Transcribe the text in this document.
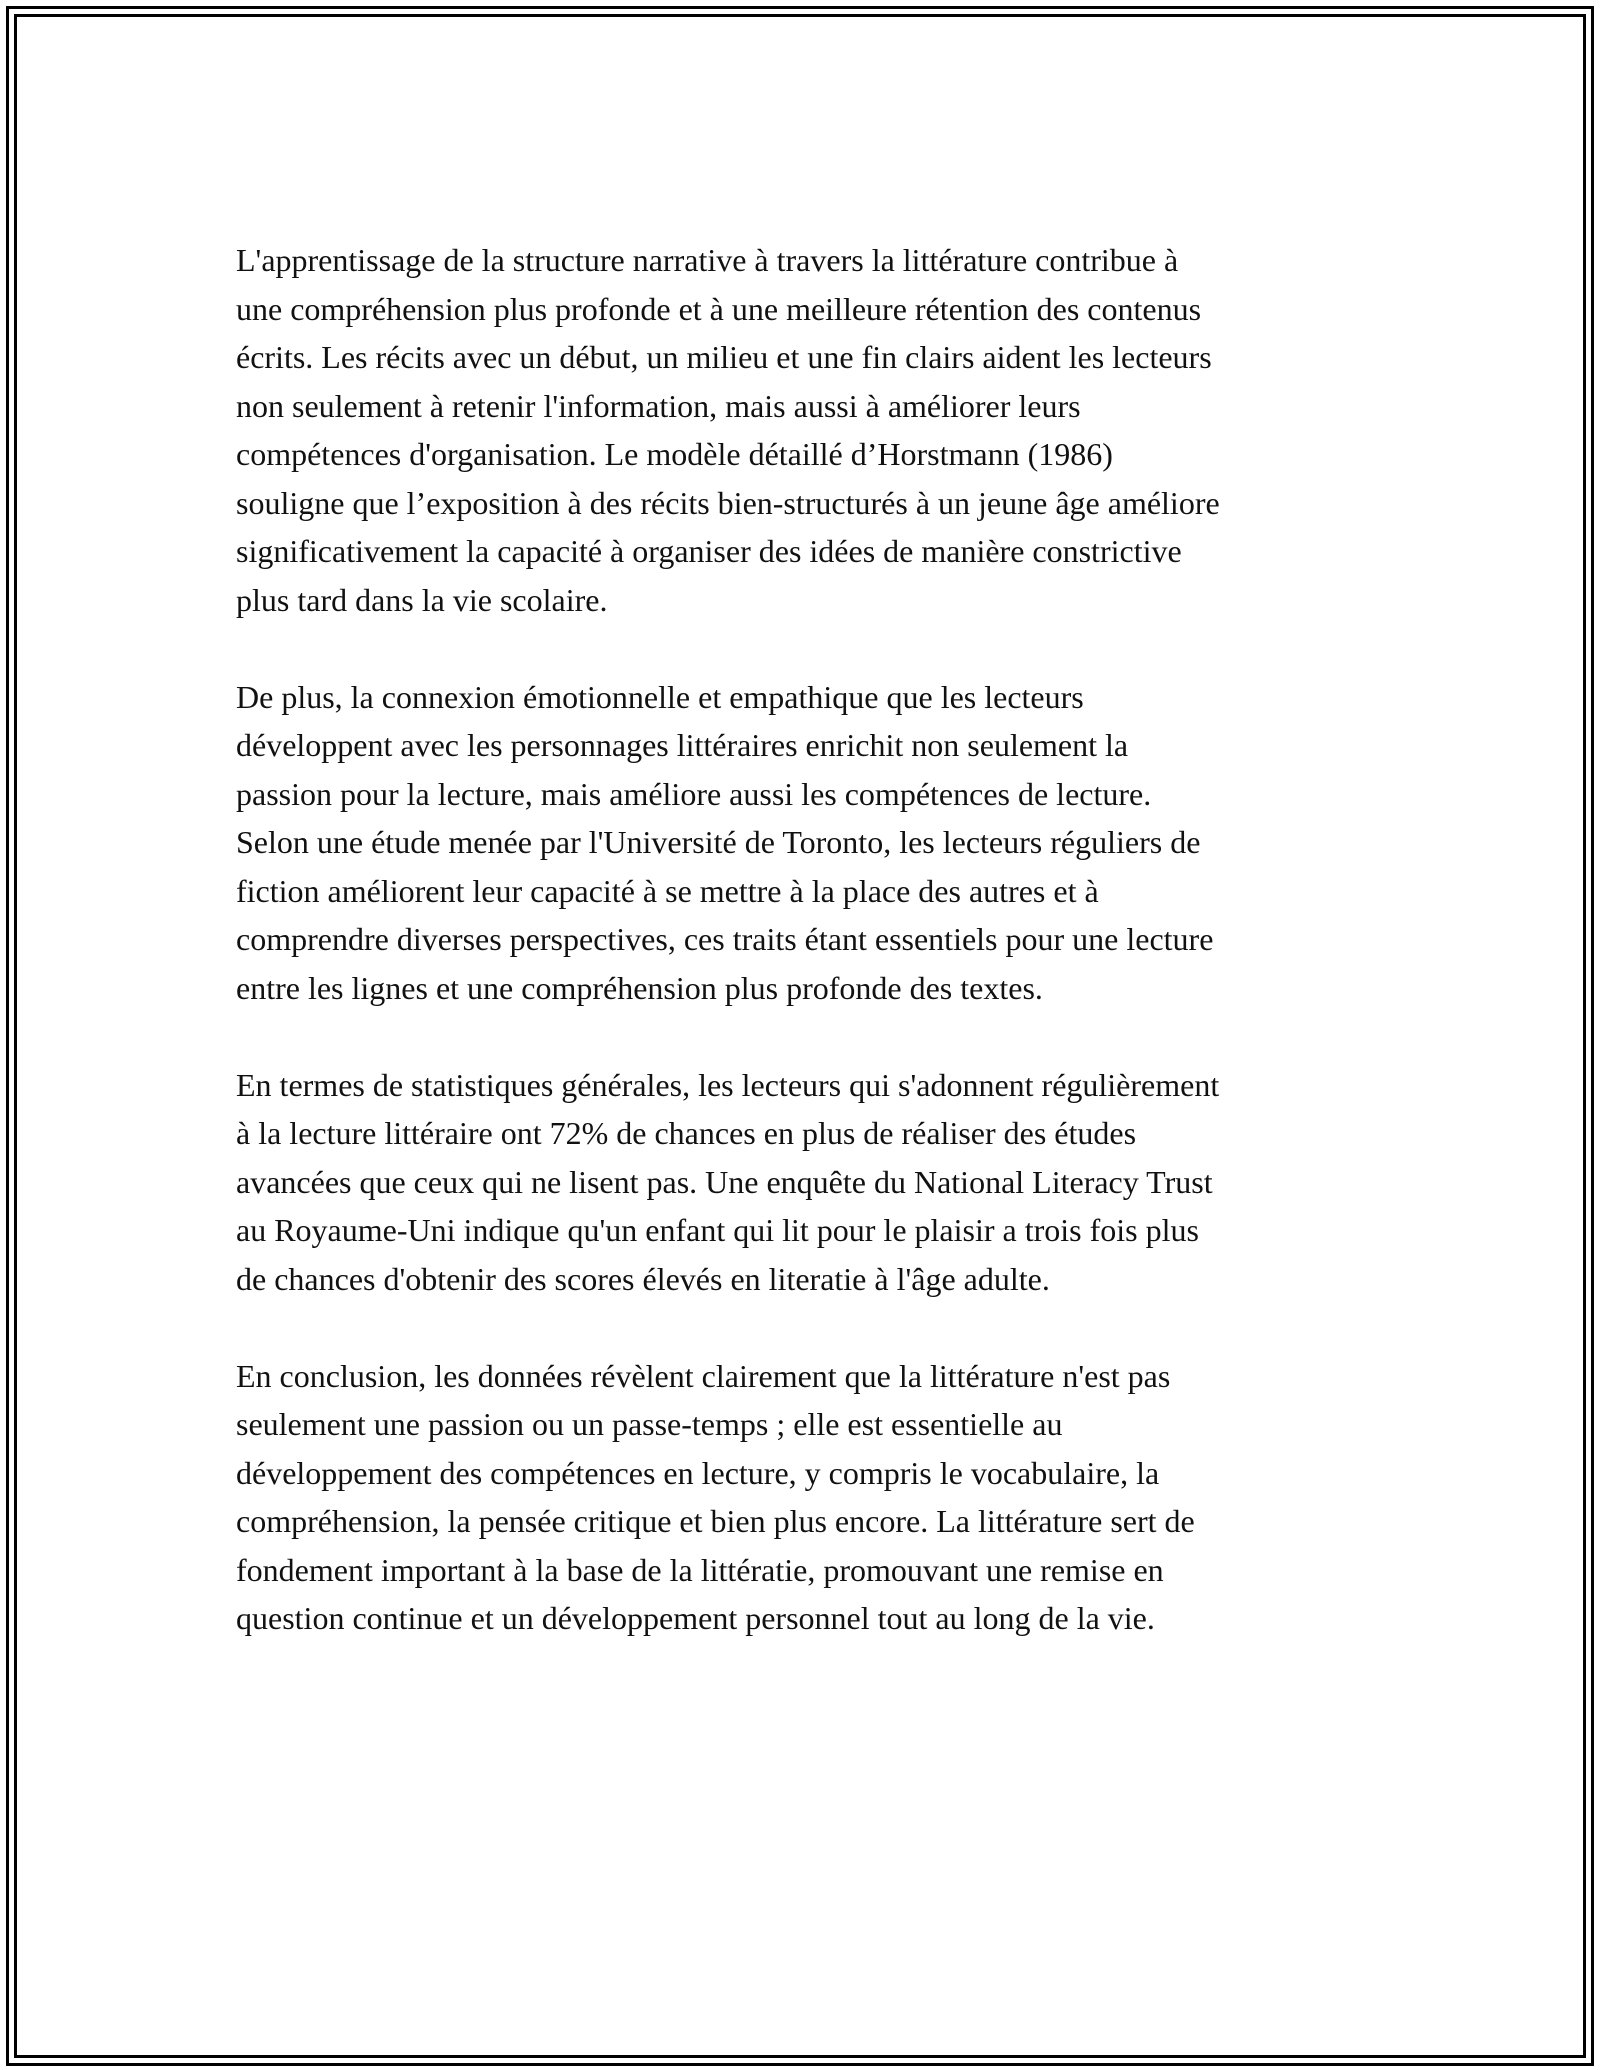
L'apprentissage de la structure narrative à travers la littérature contribue à
une compréhension plus profonde et à une meilleure rétention des contenus
écrits. Les récits avec un début, un milieu et une fin clairs aident les lecteurs
non seulement à retenir l'information, mais aussi à améliorer leurs
compétences d'organisation. Le modèle détaillé d’Horstmann (1986)
souligne que l’exposition à des récits bien-structurés à un jeune âge améliore
significativement la capacité à organiser des idées de manière constrictive
plus tard dans la vie scolaire.

De plus, la connexion émotionnelle et empathique que les lecteurs
développent avec les personnages littéraires enrichit non seulement la
passion pour la lecture, mais améliore aussi les compétences de lecture.
Selon une étude menée par l'Université de Toronto, les lecteurs réguliers de
fiction améliorent leur capacité à se mettre à la place des autres et à
comprendre diverses perspectives, ces traits étant essentiels pour une lecture
entre les lignes et une compréhension plus profonde des textes.

En termes de statistiques générales, les lecteurs qui s'adonnent régulièrement
à la lecture littéraire ont 72% de chances en plus de réaliser des études
avancées que ceux qui ne lisent pas. Une enquête du National Literacy Trust
au Royaume-Uni indique qu'un enfant qui lit pour le plaisir a trois fois plus
de chances d'obtenir des scores élevés en literatie à l'âge adulte.

En conclusion, les données révèlent clairement que la littérature n'est pas
seulement une passion ou un passe-temps ; elle est essentielle au
développement des compétences en lecture, y compris le vocabulaire, la
compréhension, la pensée critique et bien plus encore. La littérature sert de
fondement important à la base de la littératie, promouvant une remise en
question continue et un développement personnel tout au long de la vie.
